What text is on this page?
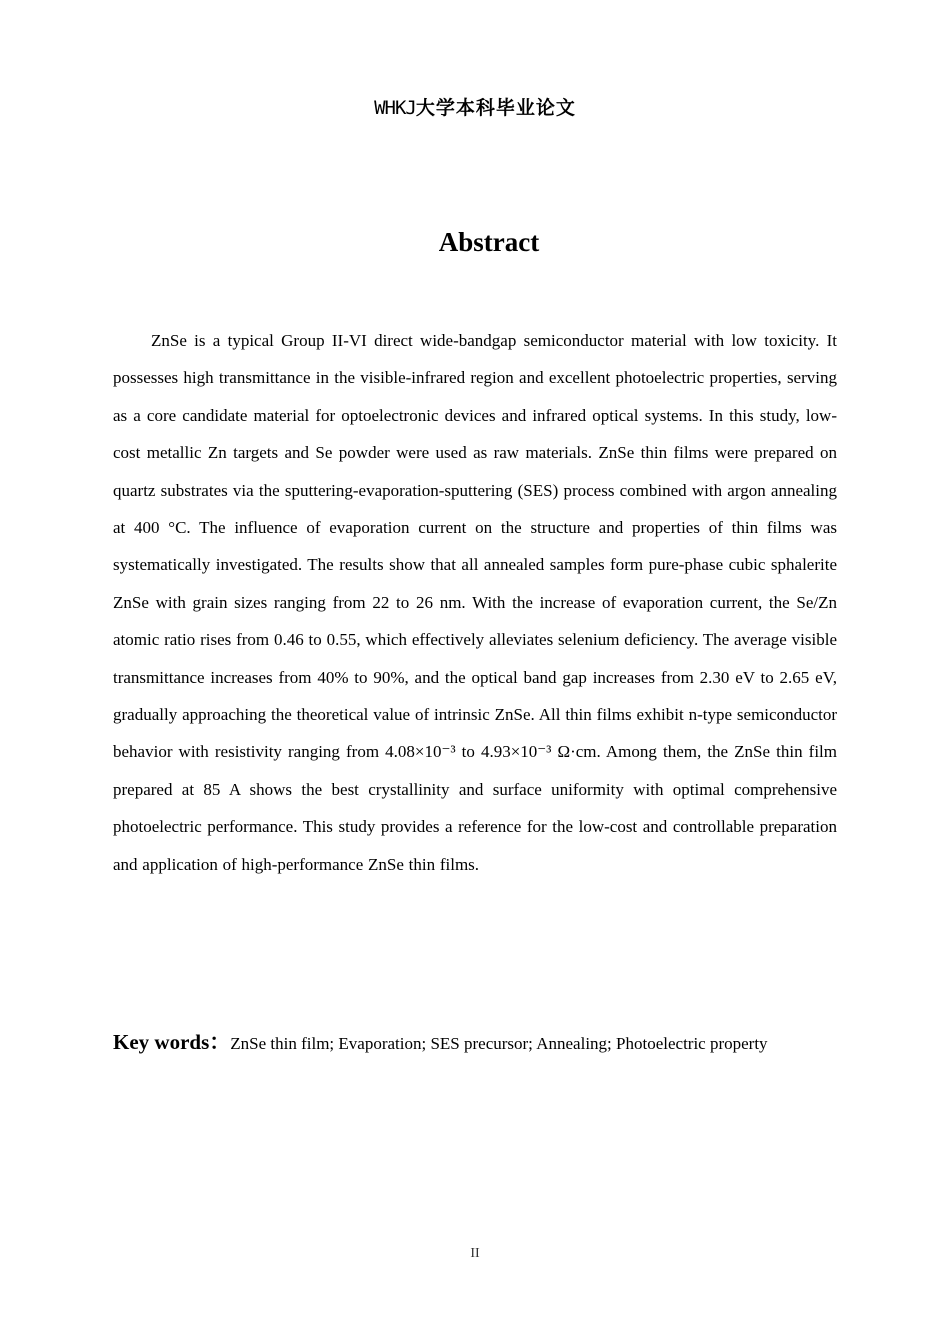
WHKJ大学本科毕业论文
Abstract

ZnSe is a typical Group II-VI direct wide-bandgap semiconductor material with low toxicity. It possesses high transmittance in the visible-infrared region and excellent photoelectric properties, serving as a core candidate material for optoelectronic devices and infrared optical systems. In this study, low-cost metallic Zn targets and Se powder were used as raw materials. ZnSe thin films were prepared on quartz substrates via the sputtering-evaporation-sputtering (SES) process combined with argon annealing at 400 °C. The influence of evaporation current on the structure and properties of thin films was systematically investigated. The results show that all annealed samples form pure-phase cubic sphalerite ZnSe with grain sizes ranging from 22 to 26 nm. With the increase of evaporation current, the Se/Zn atomic ratio rises from 0.46 to 0.55, which effectively alleviates selenium deficiency. The average visible transmittance increases from 40% to 90%, and the optical band gap increases from 2.30 eV to 2.65 eV, gradually approaching the theoretical value of intrinsic ZnSe. All thin films exhibit n-type semiconductor behavior with resistivity ranging from 4.08×10⁻³ to 4.93×10⁻³ Ω·cm. Among them, the ZnSe thin film prepared at 85 A shows the best crystallinity and surface uniformity with optimal comprehensive photoelectric performance. This study provides a reference for the low-cost and controllable preparation and application of high-performance ZnSe thin films.

Key words：ZnSe thin film; Evaporation; SES precursor; Annealing; Photoelectric property

II
